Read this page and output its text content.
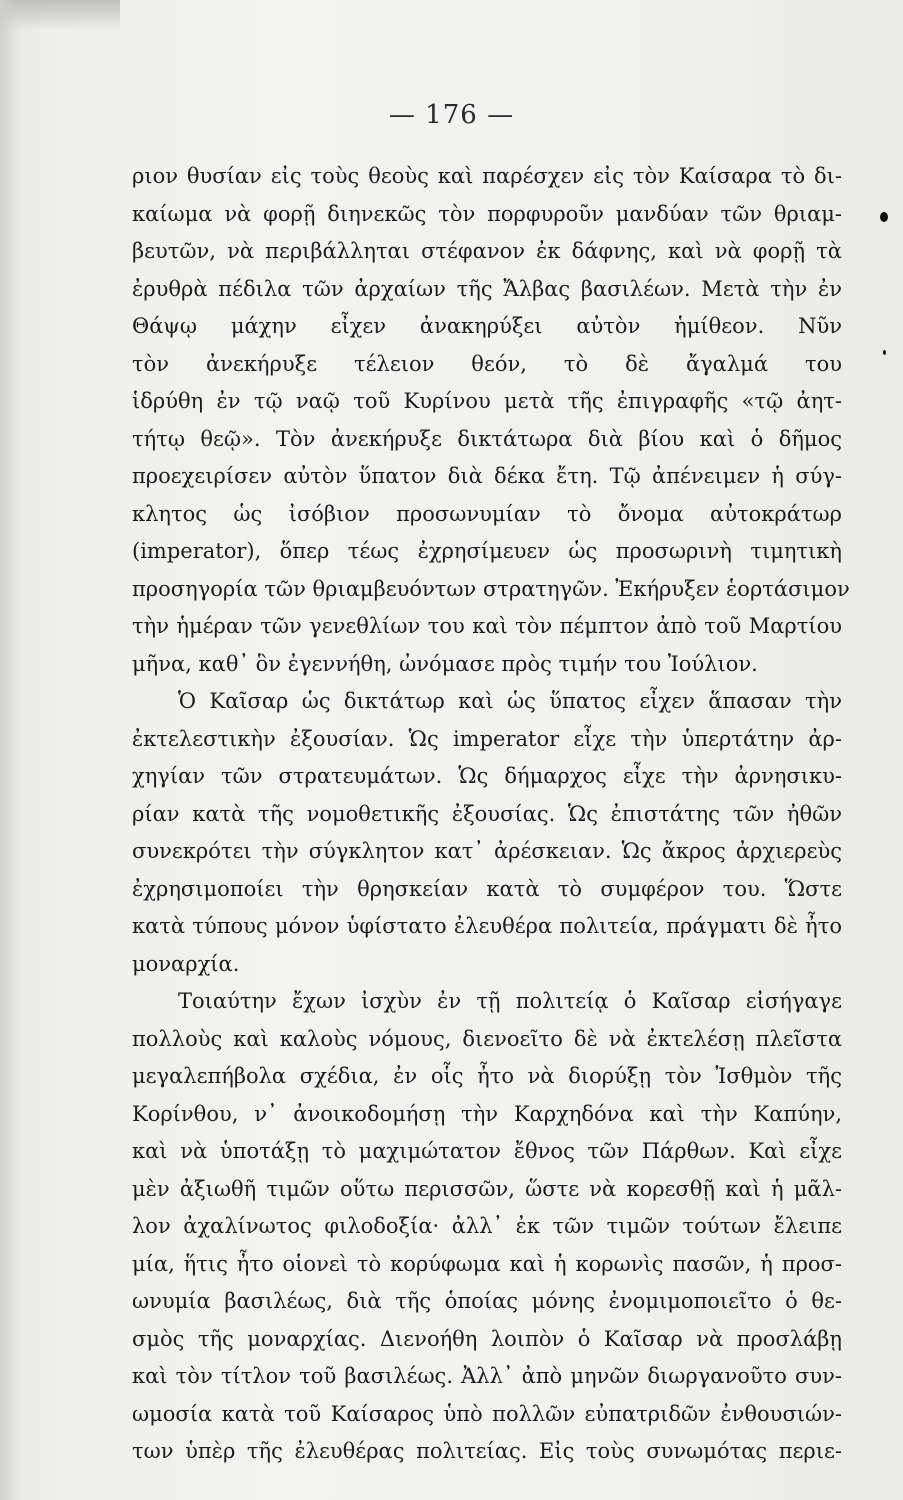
— 176 —
ριον θυσίαν εἰς τοὺς θεοὺς καὶ παρέσχεν εἰς τὸν Καίσαρα τὸ δι-
καίωμα νὰ φορῇ διηνεκῶς τὸν πορφυροῦν μανδύαν τῶν θριαμ-
βευτῶν, νὰ περιβάλληται στέφανον ἐκ δάφνης, καὶ νὰ φορῇ τὰ
ἐρυθρὰ πέδιλα τῶν ἀρχαίων τῆς Ἄλβας βασιλέων. Μετὰ τὴν ἐν
Θάψῳ μάχην εἶχεν ἀνακηρύξει αὐτὸν ἡμίθεον. Νῦν
τὸν ἀνεκήρυξε τέλειον θεόν, τὸ δὲ ἄγαλμά του
ἱδρύθη ἐν τῷ ναῷ τοῦ Κυρίνου μετὰ τῆς ἐπιγραφῆς «τῷ ἀητ-
τήτῳ θεῷ». Τὸν ἀνεκήρυξε δικτάτωρα διὰ βίου καὶ ὁ δῆμος
προεχειρίσεν αὐτὸν ὕπατον διὰ δέκα ἔτη. Τῷ ἀπένειμεν ἡ σύγ-
κλητος ὡς ἰσόβιον προσωνυμίαν τὸ ὄνομα αὐτοκράτωρ
(imperator), ὅπερ τέως ἐχρησίμευεν ὡς προσωρινὴ τιμητικὴ
προσηγορία τῶν θριαμβευόντων στρατηγῶν. Ἐκήρυξεν ἑορτάσιμον
τὴν ἡμέραν τῶν γενεθλίων του καὶ τὸν πέμπτον ἀπὸ τοῦ Μαρτίου
μῆνα, καθ᾽ ὃν ἐγεννήθη, ὠνόμασε πρὸς τιμήν του Ἰούλιον.
Ὁ Καῖσαρ ὡς δικτάτωρ καὶ ὡς ὕπατος εἶχεν ἅπασαν τὴν
ἐκτελεστικὴν ἐξουσίαν. Ὡς imperator εἶχε τὴν ὑπερτάτην ἀρ-
χηγίαν τῶν στρατευμάτων. Ὡς δήμαρχος εἶχε τὴν ἀρνησικυ-
ρίαν κατὰ τῆς νομοθετικῆς ἐξουσίας. Ὡς ἐπιστάτης τῶν ἠθῶν
συνεκρότει τὴν σύγκλητον κατ᾽ ἀρέσκειαν. Ὡς ἄκρος ἀρχιερεὺς
ἐχρησιμοποίει τὴν θρησκείαν κατὰ τὸ συμφέρον του. Ὥστε
κατὰ τύπους μόνον ὑφίστατο ἐλευθέρα πολιτεία, πράγματι δὲ ἦτο
μοναρχία.
Τοιαύτην ἔχων ἰσχὺν ἐν τῇ πολιτείᾳ ὁ Καῖσαρ εἰσήγαγε
πολλοὺς καὶ καλοὺς νόμους, διενοεῖτο δὲ νὰ ἐκτελέσῃ πλεῖστα
μεγαλεπήβολα σχέδια, ἐν οἷς ἦτο νὰ διορύξῃ τὸν Ἰσθμὸν τῆς
Κορίνθου, ν᾽ ἀνοικοδομήσῃ τὴν Καρχηδόνα καὶ τὴν Καπύην,
καὶ νὰ ὑποτάξῃ τὸ μαχιμώτατον ἔθνος τῶν Πάρθων. Καὶ εἶχε
μὲν ἀξιωθῆ τιμῶν οὕτω περισσῶν, ὥστε νὰ κορεσθῇ καὶ ἡ μᾶλ-
λον ἀχαλίνωτος φιλοδοξία· ἀλλ᾽ ἐκ τῶν τιμῶν τούτων ἔλειπε
μία, ἥτις ἦτο οἱονεὶ τὸ κορύφωμα καὶ ἡ κορωνὶς πασῶν, ἡ προσ-
ωνυμία βασιλέως, διὰ τῆς ὁποίας μόνης ἐνομιμοποιεῖτο ὁ θε-
σμὸς τῆς μοναρχίας. Διενοήθη λοιπὸν ὁ Καῖσαρ νὰ προσλάβῃ
καὶ τὸν τίτλον τοῦ βασιλέως. Ἀλλ᾽ ἀπὸ μηνῶν διωργανοῦτο συν-
ωμοσία κατὰ τοῦ Καίσαρος ὑπὸ πολλῶν εὐπατριδῶν ἐνθουσιών-
των ὑπὲρ τῆς ἐλευθέρας πολιτείας. Εἰς τοὺς συνωμότας περιε-
